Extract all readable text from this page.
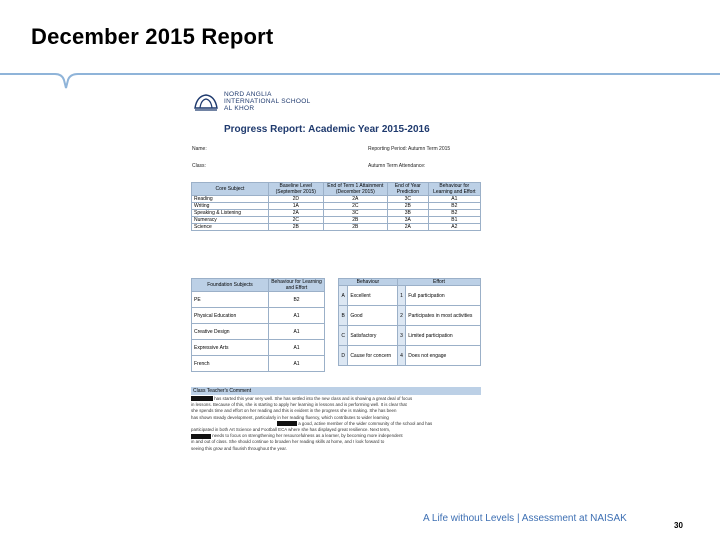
December 2015 Report
NORD ANGLIA
INTERNATIONAL SCHOOL
AL KHOR
Progress Report: Academic Year 2015-2016
Name:	Reporting Period: Autumn Term 2015
Class:	Autumn Term Attendance:
Core Subject	Baseline Level (September 2015)	End of Term 1 Attainment (December 2015)	End of Year Prediction	Behaviour for Learning and Effort
Reading	2D	2A	3C	A1
Writing	1A	2C	2B	B2
Speaking & Listening	2A	3C	3B	B2
Numeracy	2C	2B	3A	B1
Science	2B	2B	2A	A2
Foundation Subjects	Behaviour for Learning and Effort
PE	B2
Physical Education	A1
Creative Design	A1
Expressive Arts	A1
French	A1
Behaviour		Effort	
A	Excellent	1	Full participation
B	Good	2	Participates in most activities
C	Satisfactory	3	Limited participation
D	Cause for concern	4	Does not engage
Class Teacher's Comment
has started this year very well. She has settled into the new class and is showing a great deal of focus
in lessons. Because of this, she is starting to apply her learning in lessons and is performing well. It is clear that
she spends time and effort on her reading and this is evident in the progress she is making. She has been
has shown steady development, particularly in her reading fluency, which contributes to wider learning
a good, active member of the wider community of the school and has
participated in both Art Science and Football ECA where she has displayed great resilience. Next term,
needs to focus on strengthening her resourcefulness as a learner, by becoming more independent
in and out of class. She should continue to broaden her reading skills at home, and I look forward to
seeing this grow and flourish throughout the year.
A Life without Levels | Assessment at NAISAK
30
